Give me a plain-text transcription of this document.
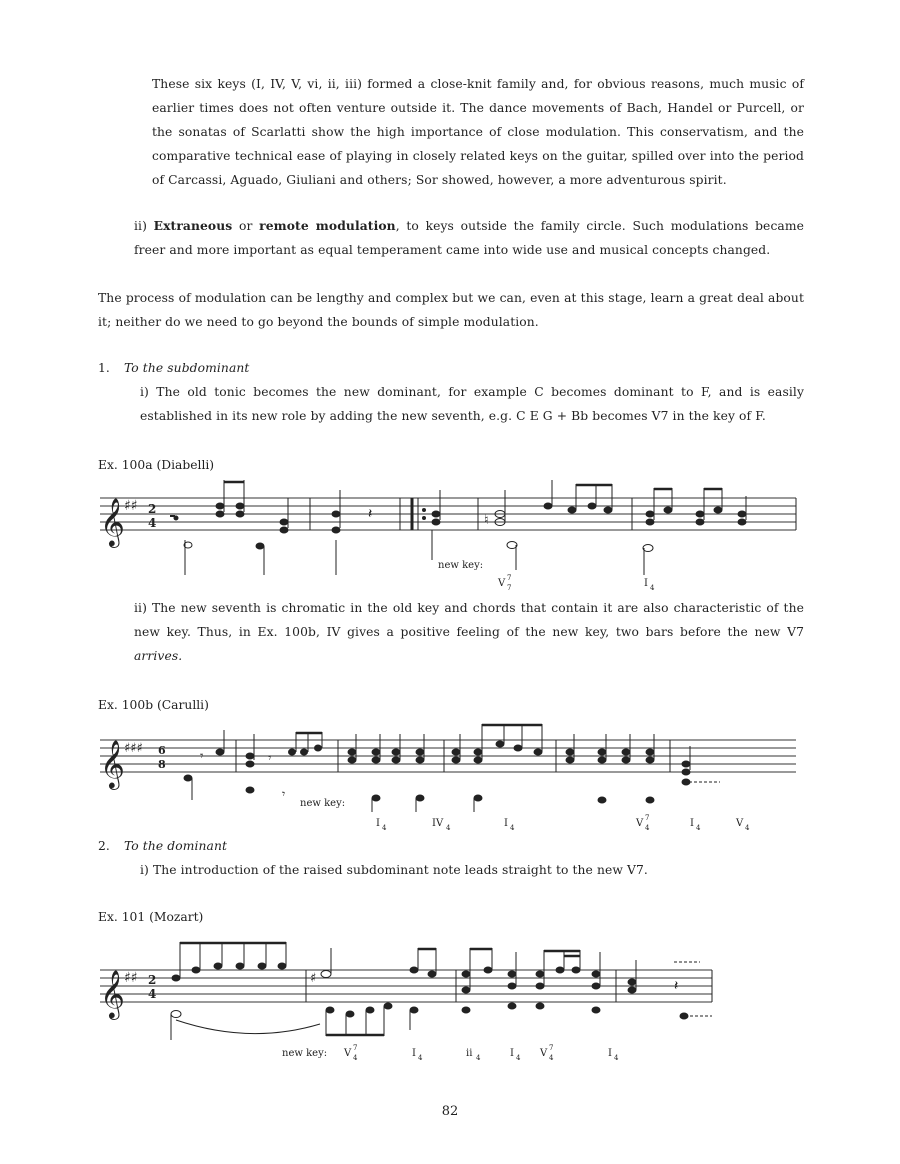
These six keys (I, IV, V, vi, ii, iii) formed a close-knit family and, for obvious reasons, much music of earlier times does not often venture outside it. The dance movements of Bach, Handel or Purcell, or the sonatas of Scarlatti show the high importance of close modulation. This conservatism, and the comparative technical ease of playing in closely related keys on the guitar, spilled over into the period of Carcassi, Aguado, Giuliani and others; Sor showed, however, a more adventurous spirit.

ii) Extraneous or remote modulation, to keys outside the family circle. Such modulations became freer and more important as equal temperament came into wide use and musical concepts changed.

The process of modulation can be lengthy and complex but we can, even at this stage, learn a great deal about it; neither do we need to go beyond the bounds of simple modulation.

1. To the subdominant

i) The old tonic becomes the new dominant, for example C becomes dominant to F, and is easily established in its new role by adding the new seventh, e.g. C E G + Bb becomes V7 in the key of F.

Ex. 100a (Diabelli)

𝄞 ♯♯ 2
4
𝄽	♮
new key:
V 7
7	I 4

ii) The new seventh is chromatic in the old key and chords that contain it are also characteristic of the new key. Thus, in Ex. 100b, IV gives a positive feeling of the new key, two bars before the new V7 arrives.

Ex. 100b (Carulli)

𝄞 ♯♯♯ 6
8
𝄾	𝄾
𝄾
new key:
I 4	IV 4	I 4	V 7
4	I 4	V 4

2. To the dominant

i) The introduction of the raised subdominant note leads straight to the new V7.

Ex. 101 (Mozart)

𝄞 ♯♯ 2
4
♯	𝄽
new key: V 7
4	I 4	ii 4	I 4 V 7
4	I 4
82
